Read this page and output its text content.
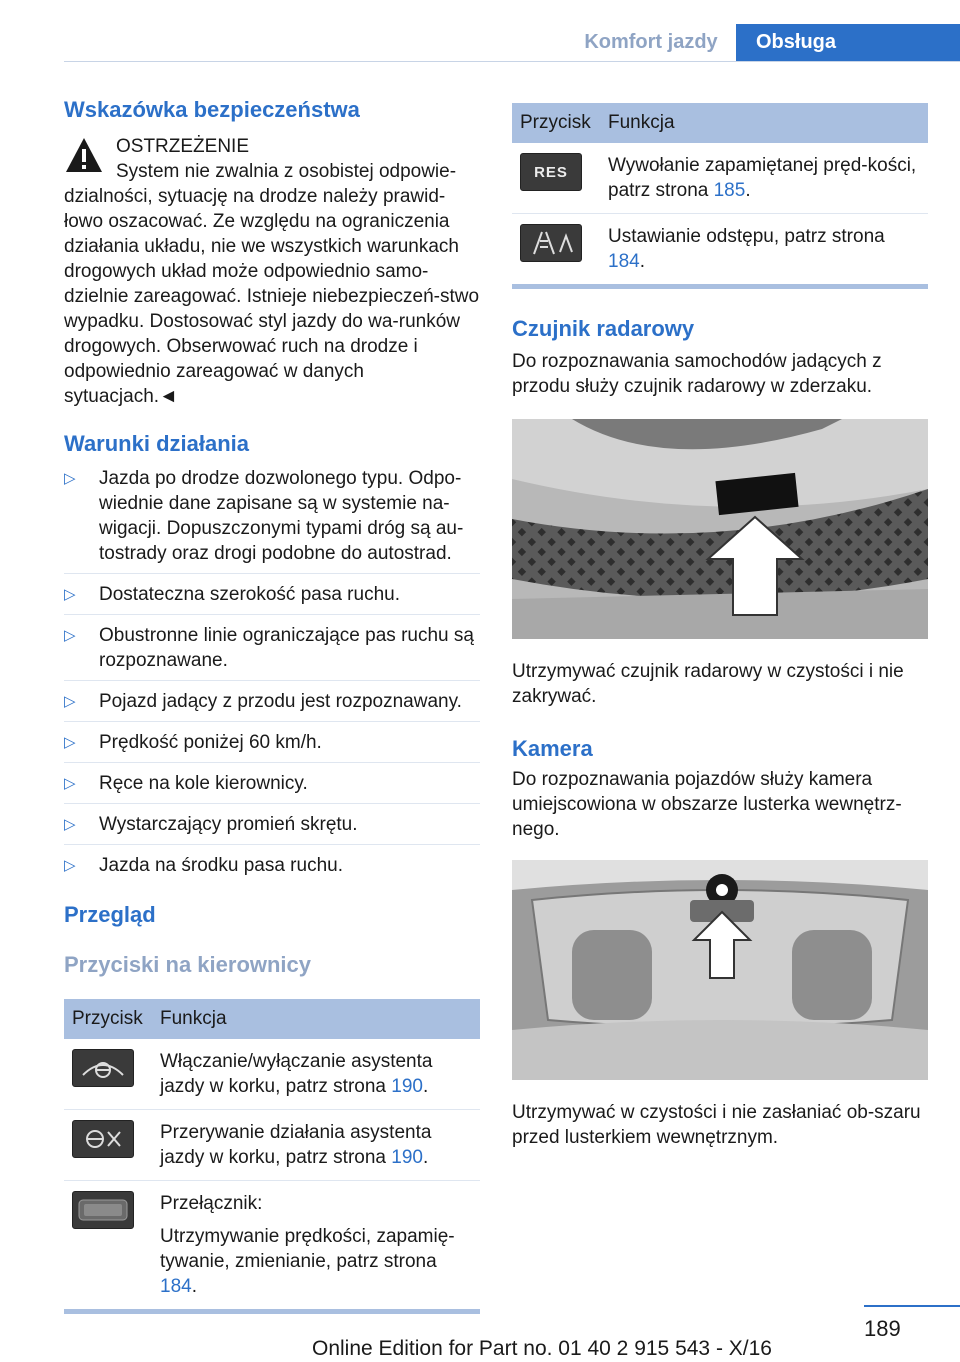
Komfort jazdy	Obsługa
Wskazówka bezpieczeństwa

OSTRZEŻENIE
System nie zwalnia z osobistej odpowie-dzialności, sytuację na drodze należy prawid-łowo oszacować. Ze względu na ograniczenia działania układu, nie we wszystkich warunkach drogowych układ może odpowiednio samo-dzielnie zareagować. Istnieje niebezpieczeń-stwo wypadku. Dostosować styl jazdy do wa-runków drogowych. Obserwować ruch na drodze i odpowiednio zareagować w danych sytuacjach.◄

Warunki działania
▷ Jazda po drodze dozwolonego typu. Odpo-wiednie dane zapisane są w systemie na-wigacji. Dopuszczonymi typami dróg są au-tostrady oraz drogi podobne do autostrad.
▷ Dostateczna szerokość pasa ruchu.
▷ Obustronne linie ograniczające pas ruchu są rozpoznawane.
▷ Pojazd jadący z przodu jest rozpoznawany.
▷ Prędkość poniżej 60 km/h.
▷ Ręce na kole kierownicy.
▷ Wystarczający promień skrętu.
▷ Jazda na środku pasa ruchu.
Przegląd
Przyciski na kierownicy
Przycisk	Funkcja

	Włączanie/wyłączanie asystenta jazdy w korku, patrz strona 190.

	Przerywanie działania asystenta jazdy w korku, patrz strona 190.

Przełącznik:

Utrzymywanie prędkości, zapamię-tywanie, zmienianie, patrz strona 184.

Przycisk	Funkcja

RES	Wywołanie zapamiętanej pręd-kości, patrz strona 185.

	Ustawianie odstępu, patrz strona 184.
Czujnik radarowy

Do rozpoznawania samochodów jadących z przodu służy czujnik radarowy w zderzaku.

Utrzymywać czujnik radarowy w czystości i nie zakrywać.

Kamera

Do rozpoznawania pojazdów służy kamera umiejscowiona w obszarze lusterka wewnętrz-nego.

Utrzymywać w czystości i nie zasłaniać ob-szaru przed lusterkiem wewnętrznym.

189
Online Edition for Part no. 01 40 2 915 543 - X/16
